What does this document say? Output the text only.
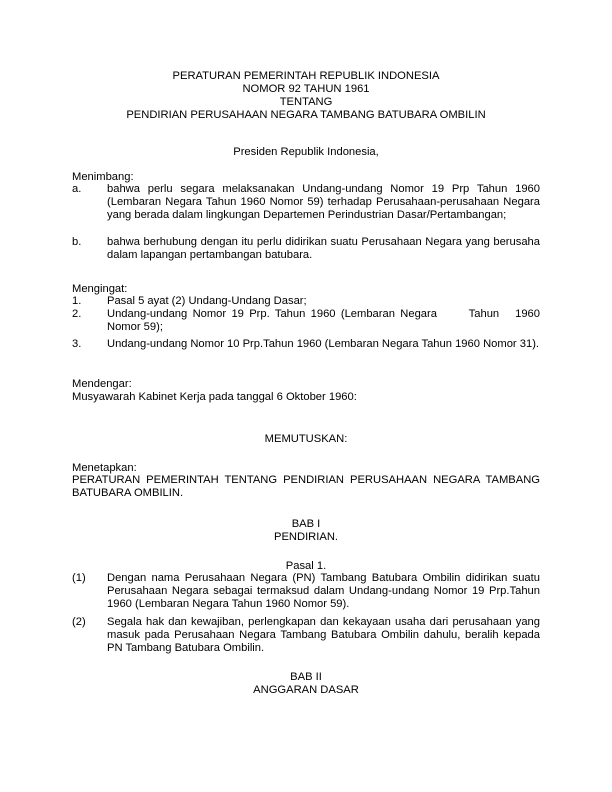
PERATURAN PEMERINTAH REPUBLIK INDONESIA
NOMOR 92 TAHUN 1961
TENTANG
PENDIRIAN PERUSAHAAN NEGARA TAMBANG BATUBARA OMBILIN
Presiden Republik Indonesia,
Menimbang:
a. bahwa perlu segara melaksanakan Undang-undang Nomor 19 Prp Tahun 1960 (Lembaran Negara Tahun 1960 Nomor 59) terhadap Perusahaan-perusahaan Negara yang berada dalam lingkungan Departemen Perindustrian Dasar/Pertambangan;
b. bahwa berhubung dengan itu perlu didirikan suatu Perusahaan Negara yang berusaha dalam lapangan pertambangan batubara.
Mengingat:
1. Pasal 5 ayat (2) Undang-Undang Dasar;
2. Undang-undang Nomor 19 Prp. Tahun 1960 (Lembaran Negara      Tahun   1960 Nomor 59);
3. Undang-undang Nomor 10 Prp.Tahun 1960 (Lembaran Negara Tahun 1960 Nomor 31).
Mendengar:
Musyawarah Kabinet Kerja pada tanggal 6 Oktober 1960:
MEMUTUSKAN:
Menetapkan:
PERATURAN PEMERINTAH TENTANG PENDIRIAN PERUSAHAAN NEGARA TAMBANG BATUBARA OMBILIN.
BAB I
PENDIRIAN.
Pasal 1.
(1) Dengan nama Perusahaan Negara (PN) Tambang Batubara Ombilin didirikan suatu Perusahaan Negara sebagai termaksud dalam Undang-undang Nomor 19 Prp.Tahun 1960 (Lembaran Negara Tahun 1960 Nomor 59).
(2) Segala hak dan kewajiban, perlengkapan dan kekayaan usaha dari perusahaan yang masuk pada Perusahaan Negara Tambang Batubara Ombilin dahulu, beralih kepada PN Tambang Batubara Ombilin.
BAB II
ANGGARAN DASAR
